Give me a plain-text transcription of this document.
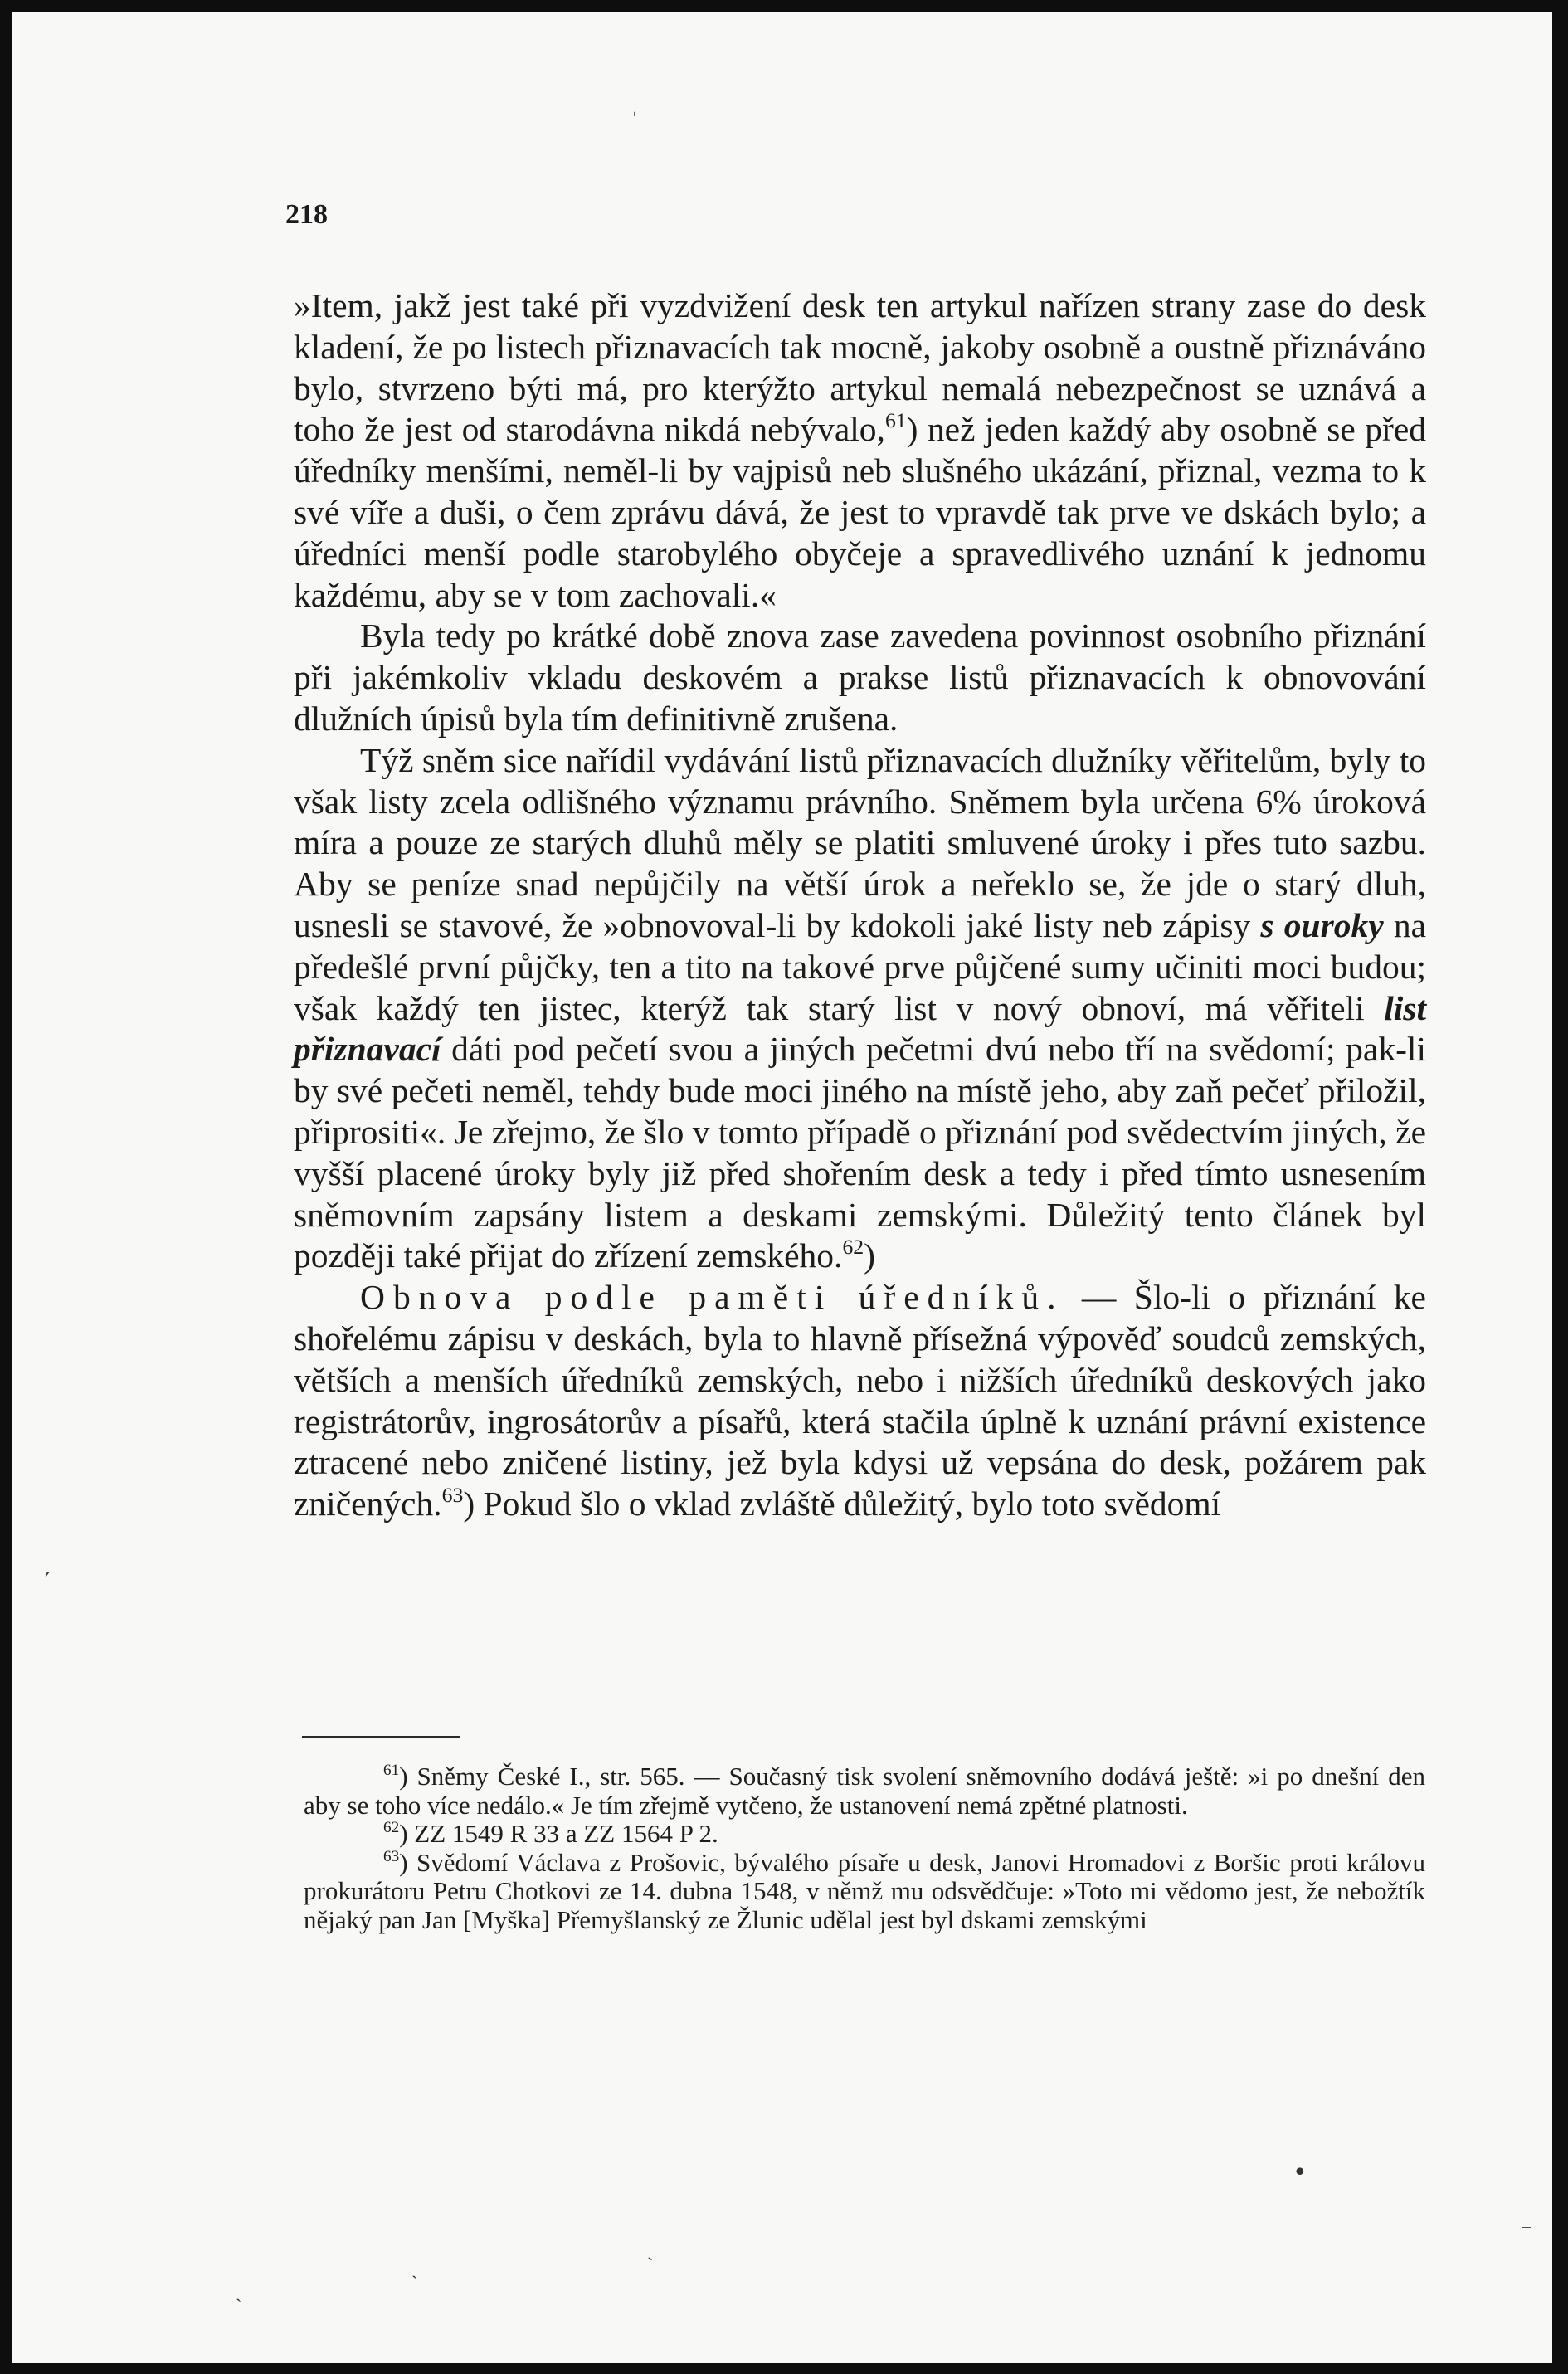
ˌ
′
•
ˎ
ˎ
ˎ
‾
218

»Item, jakž jest také při vyzdvižení desk ten artykul nařízen strany zase do desk kladení, že po listech přiznavacích tak mocně, jakoby osobně a oustně přiznáváno bylo, stvrzeno býti má, pro kterýžto artykul nemalá nebezpečnost se uznává a toho že jest od starodávna nikdá nebývalo,$^{61}$) než jeden každý aby osobně se před úředníky menšími, neměl-li by vajpisů neb slušného ukázání, přiznal, vezma to k své víře a duši, o čem zprávu dává, že jest to vpravdě tak prve ve dskách bylo; a úředníci menší podle starobylého obyčeje a spravedlivého uznání k jednomu každému, aby se v tom zachovali.«

Byla tedy po krátké době znova zase zavedena povinnost osobního přiznání při jakémkoliv vkladu deskovém a prakse listů přiznavacích k obnovování dlužních úpisů byla tím definitivně zrušena.

Týž sněm sice nařídil vydávání listů přiznavacích dlužníky věřitelům, byly to však listy zcela odlišného významu právního. Sněmem byla určena 6% úroková míra a pouze ze starých dluhů měly se platiti smluvené úroky i přes tuto sazbu. Aby se peníze snad nepůjčily na větší úrok a neřeklo se, že jde o starý dluh, usnesli se stavové, že »obnovoval-li by kdokoli jaké listy neb zápisy s ouroky na předešlé první půjčky, ten a tito na takové prve půjčené sumy učiniti moci budou; však každý ten jistec, kterýž tak starý list v nový obnoví, má věřiteli list přiznavací dáti pod pečetí svou a jiných pečetmi dvú nebo tří na svědomí; pak-li by své pečeti neměl, tehdy bude moci jiného na místě jeho, aby zaň pečeť přiložil, připrositi«. Je zřejmo, že šlo v tomto případě o přiznání pod svědectvím jiných, že vyšší placené úroky byly již před shořením desk a tedy i před tímto usnesením sněmovním zapsány listem a deskami zemskými. Důležitý tento článek byl později také přijat do zřízení zemského.$^{62}$)

Obnova podle paměti úředníků. — Šlo-li o přiznání ke shořelému zápisu v deskách, byla to hlavně přísežná výpověď soudců zemských, větších a menších úředníků zemských, nebo i nižších úředníků deskových jako registrátorův, ingrosátorův a písařů, která stačila úplně k uznání právní existence ztracené nebo zničené listiny, jež byla kdysi už vepsána do desk, požárem pak zničených.$^{63}$) Pokud šlo o vklad zvláště důležitý, bylo toto svědomí

$^{61}$) Sněmy České I., str. 565. — Současný tisk svolení sněmovního dodává ještě: »i po dnešní den aby se toho více nedálo.« Je tím zřejmě vytčeno, že ustanovení nemá zpětné platnosti.

$^{62}$) ZZ 1549 R 33 a ZZ 1564 P 2.

$^{63}$) Svědomí Václava z Prošovic, bývalého písaře u desk, Janovi Hromadovi z Boršic proti královu prokurátoru Petru Chotkovi ze 14. dubna 1548, v němž mu odsvědčuje: »Toto mi vědomo jest, že nebožtík nějaký pan Jan [Myška] Přemyšlanský ze Žlunic udělal jest byl dskami zemskými
